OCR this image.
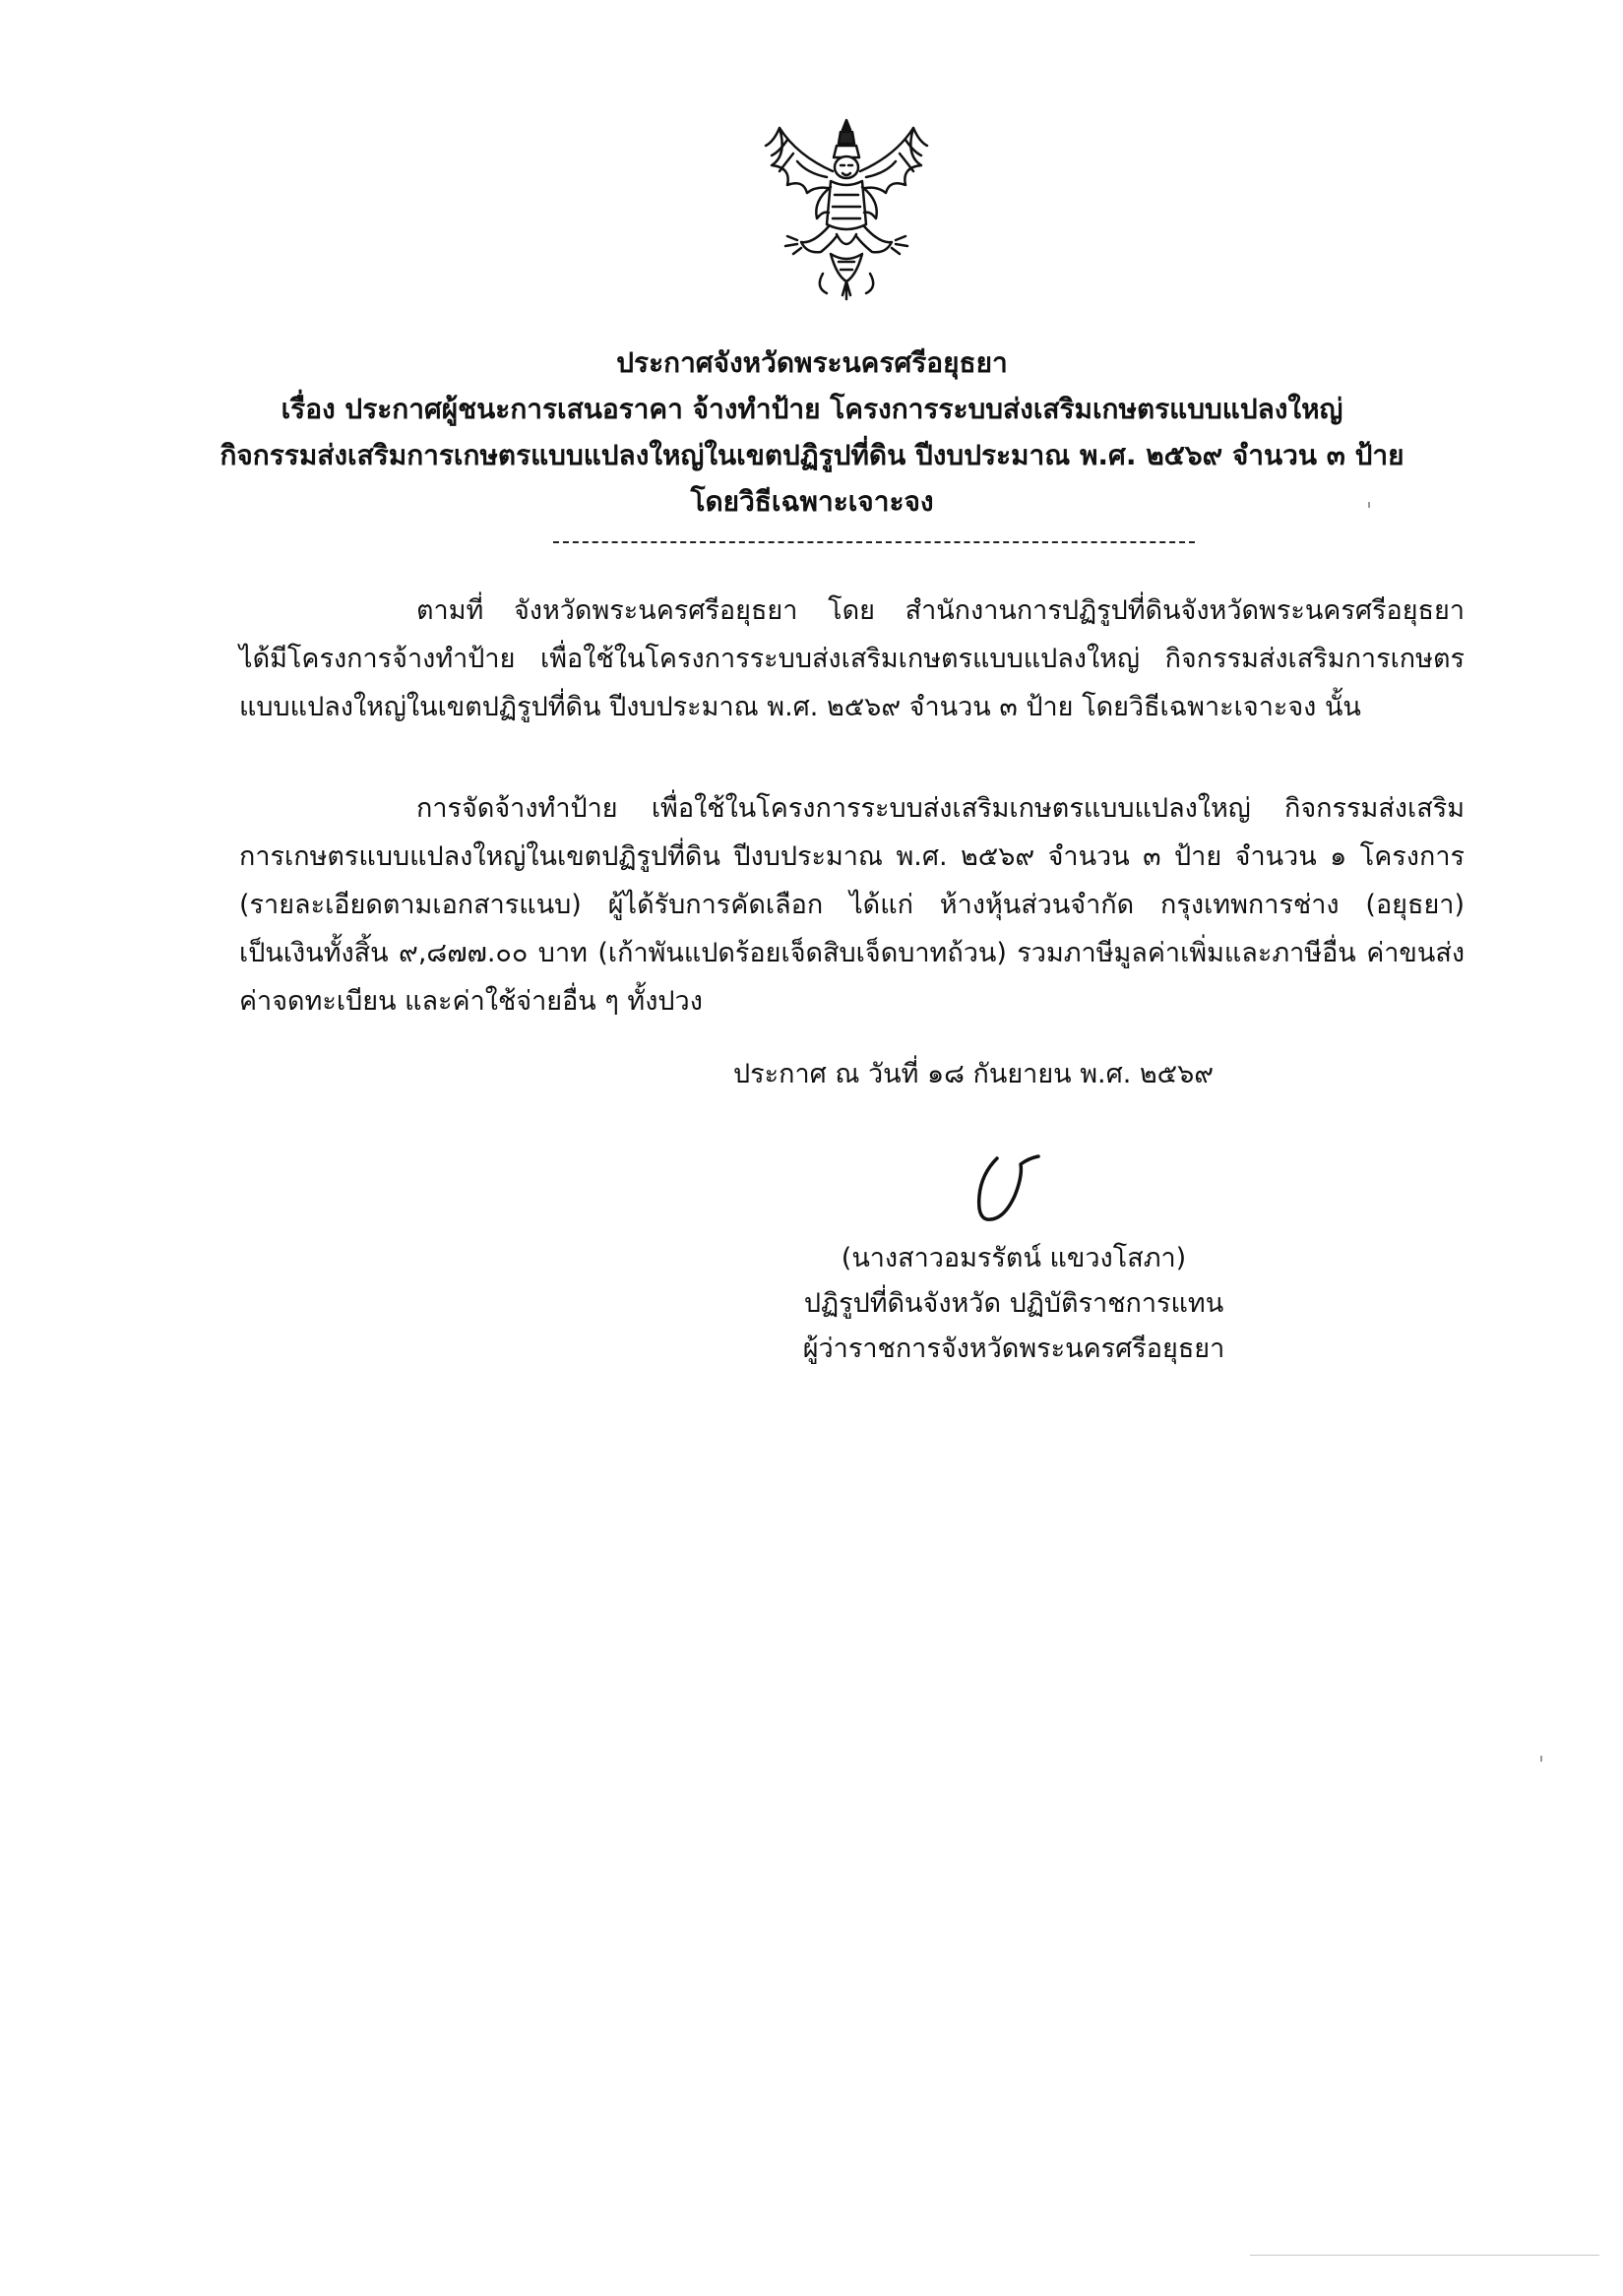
ประกาศจังหวัดพระนครศรีอยุธยา
เรื่อง ประกาศผู้ชนะการเสนอราคา จ้างทำป้าย โครงการระบบส่งเสริมเกษตรแบบแปลงใหญ่
กิจกรรมส่งเสริมการเกษตรแบบแปลงใหญ่ในเขตปฏิรูปที่ดิน ปีงบประมาณ พ.ศ. ๒๕๖๙ จำนวน ๓ ป้าย
โดยวิธีเฉพาะเจาะจง
ตามที่ จังหวัดพระนครศรีอยุธยา โดย สำนักงานการปฏิรูปที่ดินจังหวัดพระนครศรีอยุธยา
ได้มีโครงการจ้างทำป้าย เพื่อใช้ในโครงการระบบส่งเสริมเกษตรแบบแปลงใหญ่ กิจกรรมส่งเสริมการเกษตร
แบบแปลงใหญ่ในเขตปฏิรูปที่ดิน ปีงบประมาณ พ.ศ. ๒๕๖๙ จำนวน ๓ ป้าย โดยวิธีเฉพาะเจาะจง นั้น
การจัดจ้างทำป้าย เพื่อใช้ในโครงการระบบส่งเสริมเกษตรแบบแปลงใหญ่ กิจกรรมส่งเสริม
การเกษตรแบบแปลงใหญ่ในเขตปฏิรูปที่ดิน ปีงบประมาณ พ.ศ. ๒๕๖๙ จำนวน ๓ ป้าย จำนวน ๑ โครงการ
(รายละเอียดตามเอกสารแนบ) ผู้ได้รับการคัดเลือก ได้แก่ ห้างหุ้นส่วนจำกัด กรุงเทพการช่าง (อยุธยา)
เป็นเงินทั้งสิ้น ๙,๘๗๗.๐๐ บาท (เก้าพันแปดร้อยเจ็ดสิบเจ็ดบาทถ้วน) รวมภาษีมูลค่าเพิ่มและภาษีอื่น ค่าขนส่ง
ค่าจดทะเบียน และค่าใช้จ่ายอื่น ๆ ทั้งปวง
ประกาศ ณ วันที่ ๑๘ กันยายน พ.ศ. ๒๕๖๙
(นางสาวอมรรัตน์ แขวงโสภา)
ปฏิรูปที่ดินจังหวัด ปฏิบัติราชการแทน
ผู้ว่าราชการจังหวัดพระนครศรีอยุธยา
